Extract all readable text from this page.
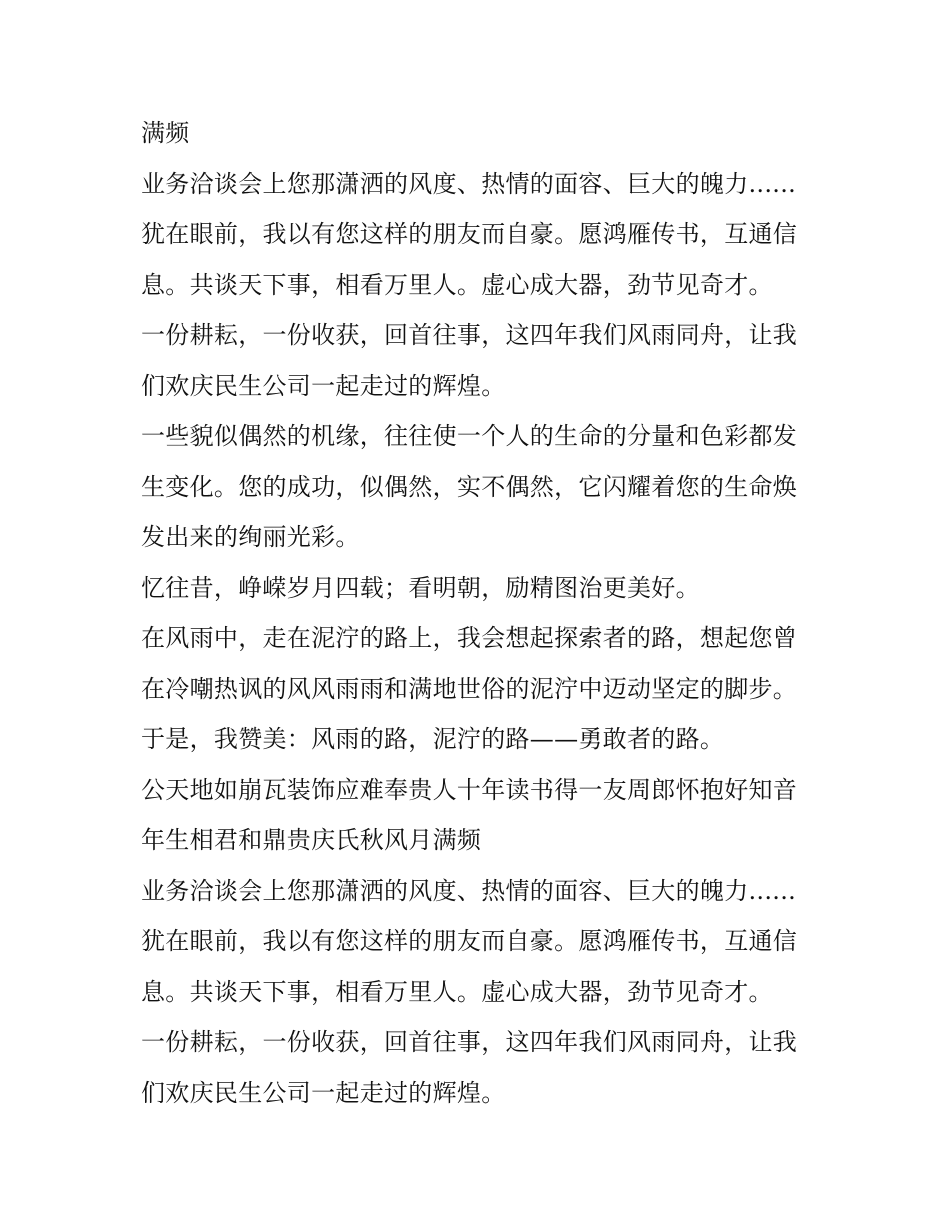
满频
业务洽谈会上您那潇洒的风度、热情的面容、巨大的魄力......
犹在眼前，我以有您这样的朋友而自豪。愿鸿雁传书，互通信
息。共谈天下事，相看万里人。虚心成大器，劲节见奇才。
一份耕耘，一份收获，回首往事，这四年我们风雨同舟，让我
们欢庆民生公司一起走过的辉煌。
一些貌似偶然的机缘，往往使一个人的生命的分量和色彩都发
生变化。您的成功，似偶然，实不偶然，它闪耀着您的生命焕
发出来的绚丽光彩。
忆往昔，峥嵘岁月四载；看明朝，励精图治更美好。
在风雨中，走在泥泞的路上，我会想起探索者的路，想起您曾
在冷嘲热讽的风风雨雨和满地世俗的泥泞中迈动坚定的脚步。
于是，我赞美：风雨的路，泥泞的路——勇敢者的路。
公天地如崩瓦装饰应难奉贵人十年读书得一友周郎怀抱好知音
年生相君和鼎贵庆氏秋风月满频
业务洽谈会上您那潇洒的风度、热情的面容、巨大的魄力......
犹在眼前，我以有您这样的朋友而自豪。愿鸿雁传书，互通信
息。共谈天下事，相看万里人。虚心成大器，劲节见奇才。
一份耕耘，一份收获，回首往事，这四年我们风雨同舟，让我
们欢庆民生公司一起走过的辉煌。
